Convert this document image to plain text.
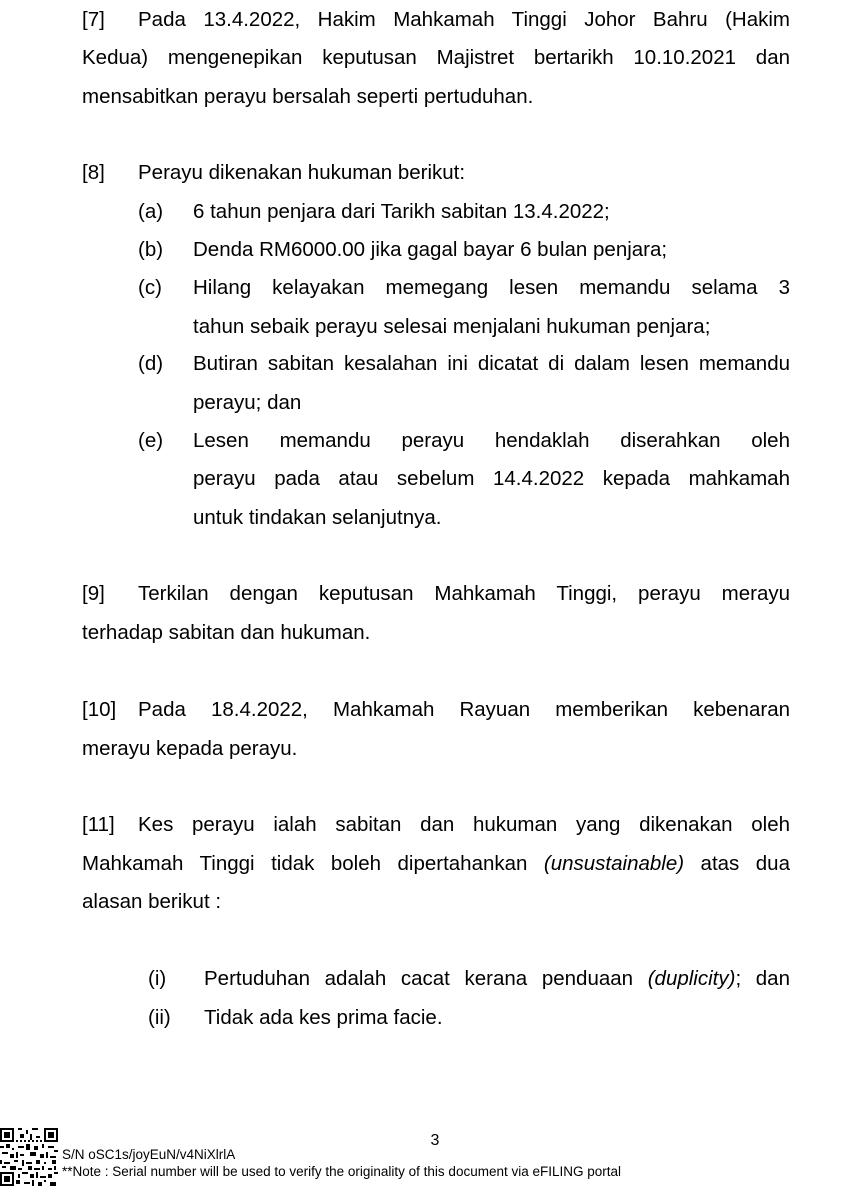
[7] Pada 13.4.2022, Hakim Mahkamah Tinggi Johor Bahru (Hakim
Kedua) mengenepikan keputusan Majistret bertarikh 10.10.2021 dan
mensabitkan perayu bersalah seperti pertuduhan.
[8] Perayu dikenakan hukuman berikut:
(a) 6 tahun penjara dari Tarikh sabitan 13.4.2022;
(b) Denda RM6000.00 jika gagal bayar 6 bulan penjara;
(c) Hilang kelayakan memegang lesen memandu selama 3
tahun sebaik perayu selesai menjalani hukuman penjara;
(d) Butiran sabitan kesalahan ini dicatat di dalam lesen memandu
perayu; dan
(e) Lesen memandu perayu hendaklah diserahkan oleh
perayu pada atau sebelum 14.4.2022 kepada mahkamah
untuk tindakan selanjutnya.
[9] Terkilan dengan keputusan Mahkamah Tinggi, perayu merayu
terhadap sabitan dan hukuman.
[10] Pada 18.4.2022, Mahkamah Rayuan memberikan kebenaran
merayu kepada perayu.
[11] Kes perayu ialah sabitan dan hukuman yang dikenakan oleh
Mahkamah Tinggi tidak boleh dipertahankan (unsustainable) atas dua
alasan berikut :
(i) Pertuduhan adalah cacat kerana penduaan (duplicity); dan
(ii) Tidak ada kes prima facie.
3
S/N oSC1s/joyEuN/v4NiXlrlA
**Note : Serial number will be used to verify the originality of this document via eFILING portal
